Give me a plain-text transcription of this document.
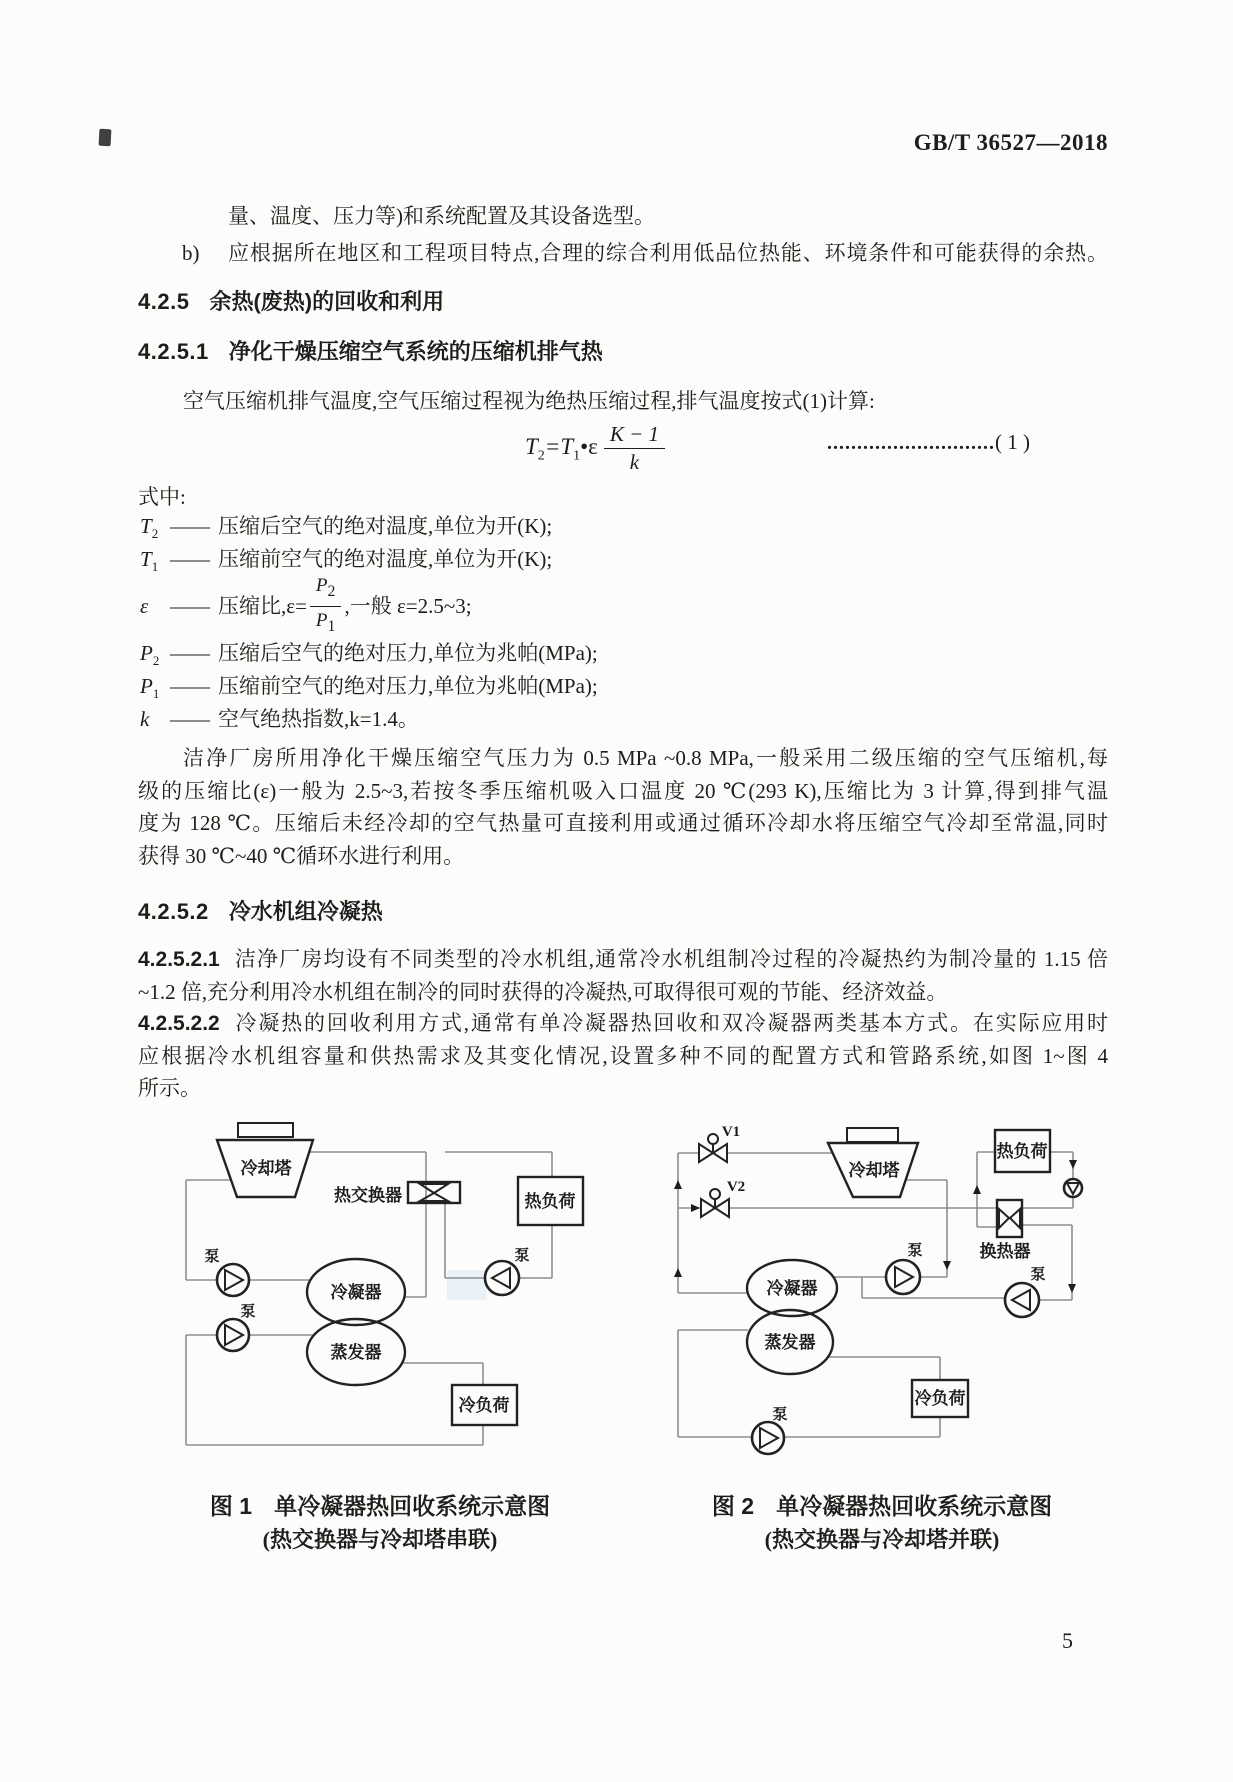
GB/T 36527—2018
量、温度、压力等)和系统配置及其设备选型。
b)	应根据所在地区和工程项目特点,合理的综合利用低品位热能、环境条件和可能获得的余热。
4.2.5 余热(废热)的回收和利用
4.2.5.1 净化干燥压缩空气系统的压缩机排气热
空气压缩机排气温度,空气压缩过程视为绝热压缩过程,排气温度按式(1)计算:
$T_2=T_1•\varepsilon \frac{K - 1}{k}$	............................( 1 )
式中:
$T_2$ —— 压缩后空气的绝对温度,单位为开(K);
$T_1$ —— 压缩前空气的绝对温度,单位为开(K);
ε	—— 压缩比$,\varepsilon= \frac{P_2}{P_1}$ ,一般 ε=2.5~3;
$P_2$ —— 压缩后空气的绝对压力,单位为兆帕(MPa);
$P_1$ —— 压缩前空气的绝对压力,单位为兆帕(MPa);
k —— 空气绝热指数,k=1.4。
洁净厂房所用净化干燥压缩空气压力为 0.5 MPa ~0.8 MPa,一般采用二级压缩的空气压缩机,每
级的压缩比(ε)一般为 2.5~3,若按冬季压缩机吸入口温度 20 ℃(293 K),压缩比为 3 计算,得到排气温
度为 128 ℃。压缩后未经冷却的空气热量可直接利用或通过循环冷却水将压缩空气冷却至常温,同时
获得 30 ℃~40 ℃循环水进行利用。
4.2.5.2 冷水机组冷凝热
4.2.5.2.1 洁净厂房均设有不同类型的冷水机组,通常冷水机组制冷过程的冷凝热约为制冷量的 1.15 倍
~1.2 倍,充分利用冷水机组在制冷的同时获得的冷凝热,可取得很可观的节能、经济效益。
4.2.5.2.2 冷凝热的回收利用方式,通常有单冷凝器热回收和双冷凝器两类基本方式。在实际应用时
应根据冷水机组容量和供热需求及其变化情况,设置多种不同的配置方式和管路系统,如图 1~图 4
所示。
冷却塔
热交换器	热负荷
泵
泵
泵
冷凝器
蒸发器
冷负荷
V1
V2
冷却塔
热负荷
换热器
泵
泵
冷凝器
蒸发器
冷负荷
泵
图 1 单冷凝器热回收系统示意图
(热交换器与冷却塔串联)
图 2 单冷凝器热回收系统示意图
(热交换器与冷却塔并联)
5
